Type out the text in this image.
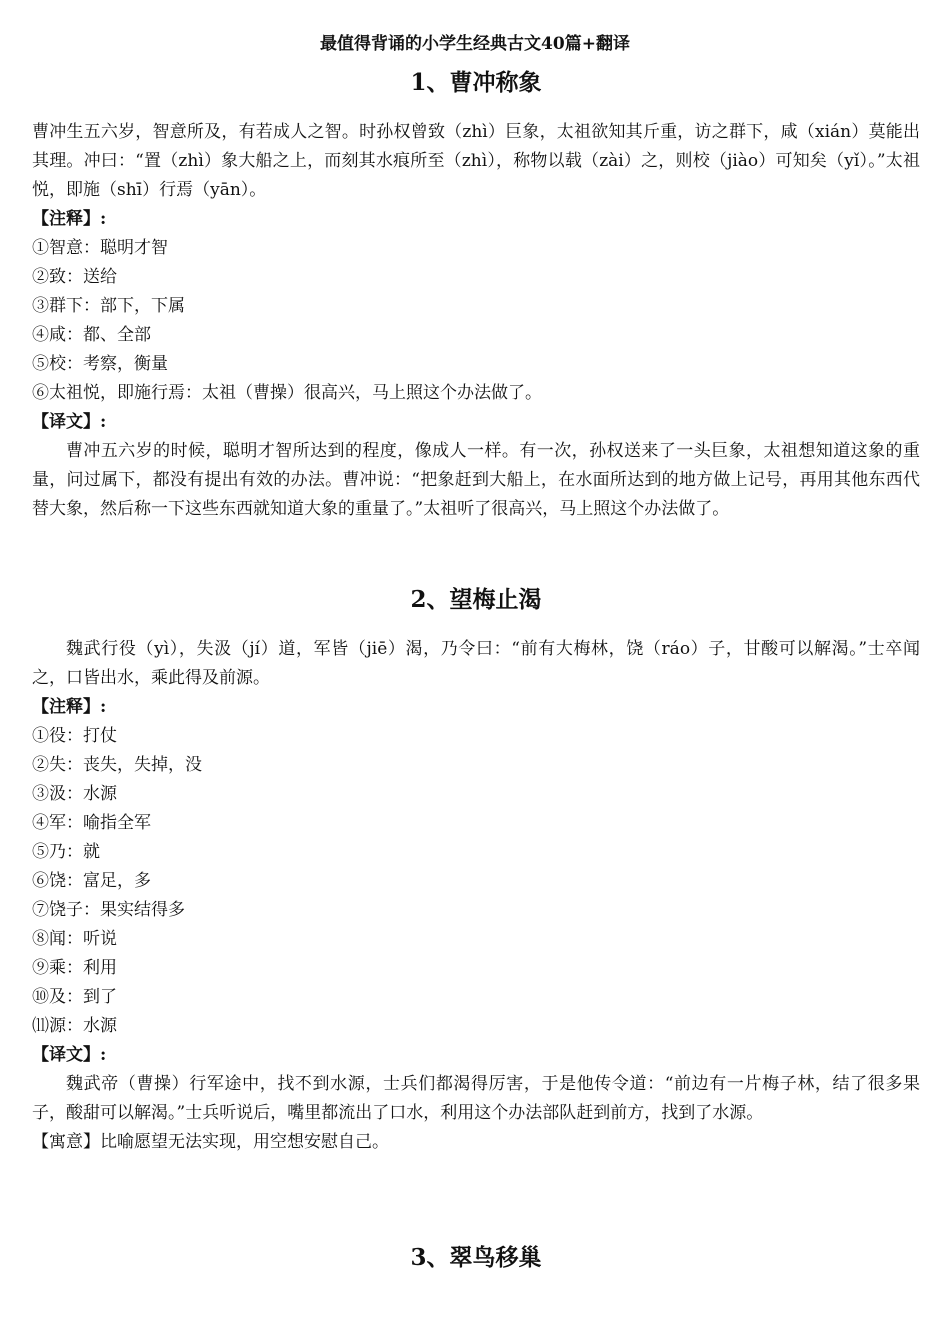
最值得背诵的小学生经典古文40篇+翻译
1、曹冲称象

曹冲生五六岁，智意所及，有若成人之智。时孙权曾致（zhì）巨象，太祖欲知其斤重，访之群下，咸（xián）莫能出其理。冲曰：“置（zhì）象大船之上，而刻其水痕所至（zhì），称物以载（zài）之，则校（jiào）可知矣（yǐ）。”太祖悦，即施（shī）行焉（yān）。

【注释】:

①智意：聪明才智

②致：送给

③群下：部下，下属

④咸：都、全部

⑤校：考察，衡量

⑥太祖悦，即施行焉：太祖（曹操）很高兴，马上照这个办法做了。

【译文】:

曹冲五六岁的时候，聪明才智所达到的程度，像成人一样。有一次，孙权送来了一头巨象，太祖想知道这象的重量，问过属下，都没有提出有效的办法。曹冲说：“把象赶到大船上，在水面所达到的地方做上记号，再用其他东西代替大象，然后称一下这些东西就知道大象的重量了。”太祖听了很高兴，马上照这个办法做了。

2、望梅止渴

魏武行役（yì），失汲（jí）道，军皆（jiē）渴，乃令曰：“前有大梅林，饶（ráo）子，甘酸可以解渴。”士卒闻之，口皆出水，乘此得及前源。

【注释】:

①役：打仗

②失：丧失，失掉，没

③汲：水源

④军：喻指全军

⑤乃：就

⑥饶：富足，多

⑦饶子：果实结得多

⑧闻：听说

⑨乘：利用

⑩及：到了

⑾源：水源

【译文】:

魏武帝（曹操）行军途中，找不到水源，士兵们都渴得厉害，于是他传令道：“前边有一片梅子林，结了很多果子，酸甜可以解渴。”士兵听说后，嘴里都流出了口水，利用这个办法部队赶到前方，找到了水源。

【寓意】比喻愿望无法实现，用空想安慰自己。

3、翠鸟移巢
